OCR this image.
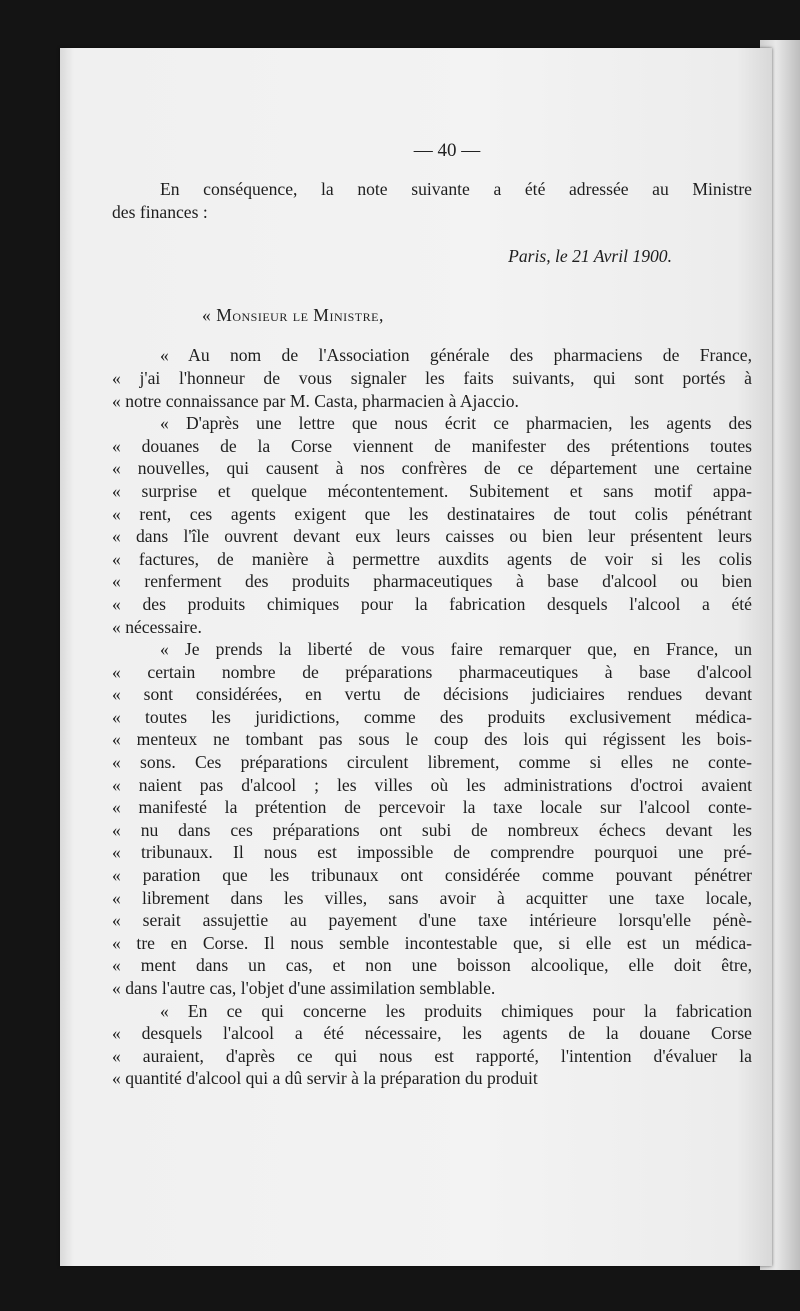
— 40 —
En conséquence, la note suivante a été adressée au Ministre
des finances :
Paris, le 21 Avril 1900.
« Monsieur le Ministre,
« Au nom de l'Association générale des pharmaciens de France,
« j'ai l'honneur de vous signaler les faits suivants, qui sont portés à
« notre connaissance par M. Casta, pharmacien à Ajaccio.
« D'après une lettre que nous écrit ce pharmacien, les agents des
« douanes de la Corse viennent de manifester des prétentions toutes
« nouvelles, qui causent à nos confrères de ce département une certaine
« surprise et quelque mécontentement. Subitement et sans motif appa-
« rent, ces agents exigent que les destinataires de tout colis pénétrant
« dans l'île ouvrent devant eux leurs caisses ou bien leur présentent leurs
« factures, de manière à permettre auxdits agents de voir si les colis
« renferment des produits pharmaceutiques à base d'alcool ou bien
« des produits chimiques pour la fabrication desquels l'alcool a été
« nécessaire.
« Je prends la liberté de vous faire remarquer que, en France, un
« certain nombre de préparations pharmaceutiques à base d'alcool
« sont considérées, en vertu de décisions judiciaires rendues devant
« toutes les juridictions, comme des produits exclusivement médica-
« menteux ne tombant pas sous le coup des lois qui régissent les bois-
« sons. Ces préparations circulent librement, comme si elles ne conte-
« naient pas d'alcool ; les villes où les administrations d'octroi avaient
« manifesté la prétention de percevoir la taxe locale sur l'alcool conte-
« nu dans ces préparations ont subi de nombreux échecs devant les
« tribunaux. Il nous est impossible de comprendre pourquoi une pré-
« paration que les tribunaux ont considérée comme pouvant pénétrer
« librement dans les villes, sans avoir à acquitter une taxe locale,
« serait assujettie au payement d'une taxe intérieure lorsqu'elle pénè-
« tre en Corse. Il nous semble incontestable que, si elle est un médica-
« ment dans un cas, et non une boisson alcoolique, elle doit être,
« dans l'autre cas, l'objet d'une assimilation semblable.
« En ce qui concerne les produits chimiques pour la fabrication
« desquels l'alcool a été nécessaire, les agents de la douane Corse
« auraient, d'après ce qui nous est rapporté, l'intention d'évaluer la
« quantité d'alcool qui a dû servir à la préparation du produit
